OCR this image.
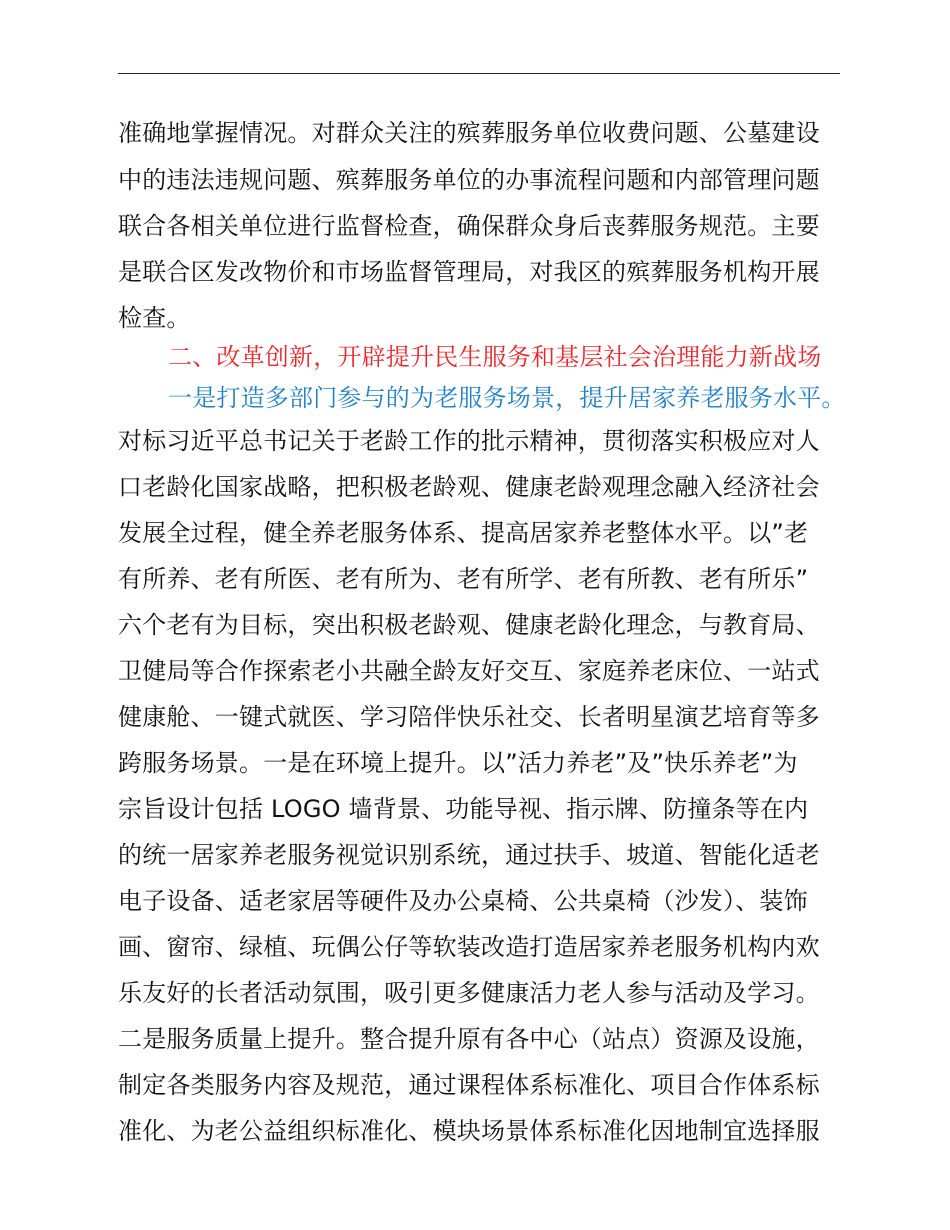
准确地掌握情况。对群众关注的殡葬服务单位收费问题、公墓建设
中的违法违规问题、殡葬服务单位的办事流程问题和内部管理问题
联合各相关单位进行监督检查，确保群众身后丧葬服务规范。主要
是联合区发改物价和市场监督管理局，对我区的殡葬服务机构开展
检查。
二、改革创新，开辟提升民生服务和基层社会治理能力新战场
一是打造多部门参与的为老服务场景，提升居家养老服务水平。
对标习近平总书记关于老龄工作的批示精神，贯彻落实积极应对人
口老龄化国家战略，把积极老龄观、健康老龄观理念融入经济社会
发展全过程，健全养老服务体系、提高居家养老整体水平。以”老
有所养、老有所医、老有所为、老有所学、老有所教、老有所乐”
六个老有为目标，突出积极老龄观、健康老龄化理念，与教育局、
卫健局等合作探索老小共融全龄友好交互、家庭养老床位、一站式
健康舱、一键式就医、学习陪伴快乐社交、长者明星演艺培育等多
跨服务场景。一是在环境上提升。以”活力养老”及”快乐养老”为
宗旨设计包括 LOGO 墙背景、功能导视、指示牌、防撞条等在内
的统一居家养老服务视觉识别系统，通过扶手、坡道、智能化适老
电子设备、适老家居等硬件及办公桌椅、公共桌椅（沙发）、装饰
画、窗帘、绿植、玩偶公仔等软装改造打造居家养老服务机构内欢
乐友好的长者活动氛围，吸引更多健康活力老人参与活动及学习。
二是服务质量上提升。整合提升原有各中心（站点）资源及设施，
制定各类服务内容及规范，通过课程体系标准化、项目合作体系标
准化、为老公益组织标准化、模块场景体系标准化因地制宜选择服
